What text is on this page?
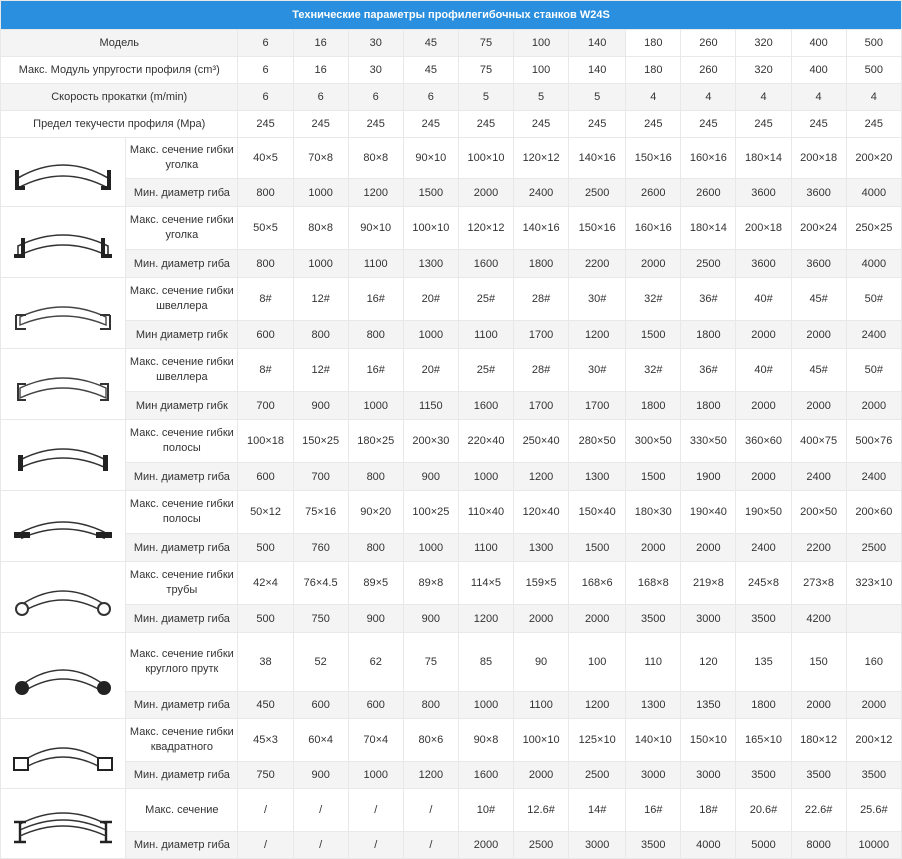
Технические параметры профилегибочных станков W24S													
Модель		6	16	30	45	75	100	140	180	260	320	400	500
Макс. Модуль упругости профиля (cm³)		6	16	30	45	75	100	140	180	260	320	400	500
Скорость прокатки (m/min)		6	6	6	6	5	5	5	4	4	4	4	4
Предел текучести профиля (Mpa)		245	245	245	245	245	245	245	245	245	245	245	245

	Макс. сечение гибки уголка	40×5	70×8	80×8	90×10	100×10	120×12	140×16	150×16	160×16	180×14	200×18	200×20
	Мин. диаметр гиба	800	1000	1200	1500	2000	2400	2500	2600	2600	3600	3600	4000

	Макс. сечение гибки уголка	50×5	80×8	90×10	100×10	120×12	140×16	150×16	160×16	180×14	200×18	200×24	250×25
	Мин. диаметр гиба	800	1000	1100	1300	1600	1800	2200	2000	2500	3600	3600	4000

	Макс. сечение гибки швеллера	8#	12#	16#	20#	25#	28#	30#	32#	36#	40#	45#	50#
	Мин диаметр гибк	600	800	800	1000	1100	1700	1200	1500	1800	2000	2000	2400

	Макс. сечение гибки швеллера	8#	12#	16#	20#	25#	28#	30#	32#	36#	40#	45#	50#
	Мин диаметр гибк	700	900	1000	1150	1600	1700	1700	1800	1800	2000	2000	2000

	Макс. сечение гибки полосы	100×18	150×25	180×25	200×30	220×40	250×40	280×50	300×50	330×50	360×60	400×75	500×76
	Мин. диаметр гиба	600	700	800	900	1000	1200	1300	1500	1900	2000	2400	2400

	Макс. сечение гибки полосы	50×12	75×16	90×20	100×25	110×40	120×40	150×40	180×30	190×40	190×50	200×50	200×60
	Мин. диаметр гиба	500	760	800	1000	1100	1300	1500	2000	2000	2400	2200	2500

	Макс. сечение гибки трубы	42×4	76×4.5	89×5	89×8	114×5	159×5	168×6	168×8	219×8	245×8	273×8	323×10
	Мин. диаметр гиба	500	750	900	900	1200	2000	2000	3500	3000	3500	4200	

	Макс. сечение гибки круглого прутк	38	52	62	75	85	90	100	110	120	135	150	160
	Мин. диаметр гиба	450	600	600	800	1000	1100	1200	1300	1350	1800	2000	2000

	Макс. сечение гибки квадратного	45×3	60×4	70×4	80×6	90×8	100×10	125×10	140×10	150×10	165×10	180×12	200×12
	Мин. диаметр гиба	750	900	1000	1200	1600	2000	2500	3000	3000	3500	3500	3500

	Макс. сечение	/	/	/	/	10#	12.6#	14#	16#	18#	20.6#	22.6#	25.6#
	Мин. диаметр гиба	/	/	/	/	2000	2500	3000	3500	4000	5000	8000	10000
